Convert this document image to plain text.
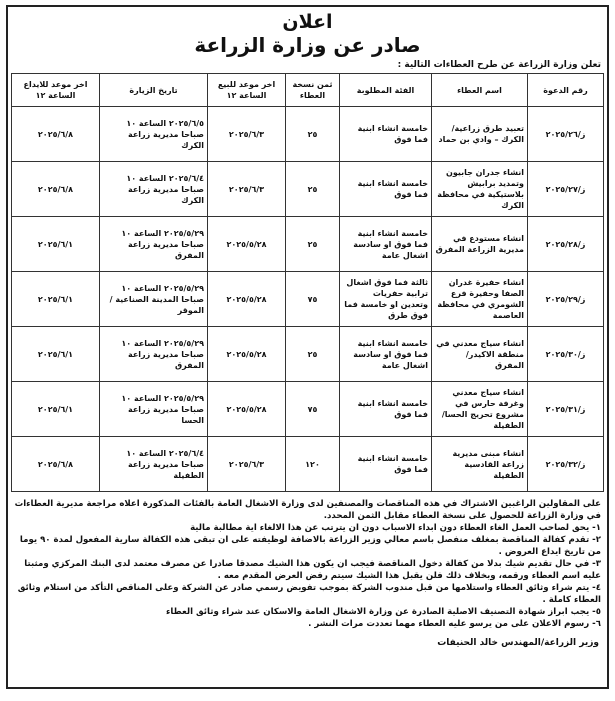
اعلان
صادر عن وزارة الزراعة
تعلن وزارة الزراعة عن طرح العطاءات التالية :
رقم الدعوة	اسم العطاء	الفئة المطلوبة	ثمن نسخة العطاء	اخر موعد للبيع الساعة ١٢	تاريخ الزيارة	اخر موعد للايداع الساعة ١٢
ز/٢٠٢٥/٢٦	تعبيد طرق زراعية/الكرك – وادي بن حماد	خامسة انشاء ابنية فما فوق	٢٥	٢٠٢٥/٦/٣	٢٠٢٥/٦/٥ الساعة ١٠ صباحا مديرية زراعة الكرك	٢٠٢٥/٦/٨
ز/٢٠٢٥/٢٧	انشاء جدران جابيون وتمديد برابيش بلاستيكية في محافظة الكرك	خامسة انشاء ابنية فما فوق	٢٥	٢٠٢٥/٦/٣	٢٠٢٥/٦/٤ الساعة ١٠ صباحا مديرية زراعة الكرك	٢٠٢٥/٦/٨
ز/٢٠٢٥/٢٨	انشاء مستودع في مديرية الزراعة المفرق	خامسة انشاء ابنية فما فوق او سادسة اشغال عامة	٢٥	٢٠٢٥/٥/٢٨	٢٠٢٥/٥/٢٩ الساعة ١٠ صباحا مديرية زراعة المفرق	٢٠٢٥/٦/١
ز/٢٠٢٥/٢٩	انشاء حفيرة غدران الصفا وحفيرة فرع الشومري في محافظة العاصمة	ثالثة فما فوق اشغال ترابية حفريات وتعدين او خامسة فما فوق طرق	٧٥	٢٠٢٥/٥/٢٨	٢٠٢٥/٥/٢٩ الساعة ١٠ صباحا المدينة الصناعية /الموقر	٢٠٢٥/٦/١
ز/٢٠٢٥/٣٠	انشاء سياج معدني في منطقة الاكيدر/ المفرق	خامسة انشاء ابنية فما فوق او سادسة اشغال عامة	٢٥	٢٠٢٥/٥/٢٨	٢٠٢٥/٥/٢٩ الساعة ١٠ صباحا مديرية زراعة المفرق	٢٠٢٥/٦/١
ز/٢٠٢٥/٣١	انشاء سياج معدني وغرفة حارس في مشروع تحريج الحسا/الطفيلة	خامسة انشاء ابنية فما فوق	٧٥	٢٠٢٥/٥/٢٨	٢٠٢٥/٥/٢٩ الساعة ١٠ صباحا مديرية زراعة الحسا	٢٠٢٥/٦/١
ز/٢٠٢٥/٣٢	انشاء مبنى مديرية زراعة القادسية الطفيلة	خامسة انشاء ابنية فما فوق	١٢٠	٢٠٢٥/٦/٣	٢٠٢٥/٦/٤ الساعة ١٠ صباحا مديرية زراعة الطفيلة	٢٠٢٥/٦/٨

على المقاولين الراغبين الاشتراك في هذه المناقصات والمصنفين لدى وزارة الاشغال العامة بالفئات المذكورة اعلاه مراجعة مديرية العطاءات في وزارة الزراعة للحصول على نسخة العطاء مقابل الثمن المحدد.

١- يحق لصاحب العمل الغاء العطاء دون ابداء الاسباب دون ان يترتب عن هذا الالغاء اية مطالبة مالية

٢- تقدم كفالة المناقصة بمغلف منفصل باسم معالي وزير الزراعة بالاضافة لوظيفته على ان تبقى هذه الكفالة سارية المفعول لمدة ٩٠ يوما من تاريخ ايداع العروض .

٣- في حال تقديم شيك بدلا من كفالة دخول المناقصة فيجب ان يكون هذا الشيك مصدقا صادرا عن مصرف معتمد لدى البنك المركزي ومثبتا عليه اسم العطاء ورقمه، وبخلاف ذلك فلن يقبل هذا الشيك سيتم رفض العرض المقدم معه .

٤- يتم شراء وثائق العطاء واستلامها من قبل مندوب الشركة بموجب تفويض رسمي صادر عن الشركة وعلى المناقص التأكد من استلام وثائق العطاء كاملة .

٥- يجب ابراز شهادة التصنيف الاصلية الصادرة عن وزارة الاشغال العامة والاسكان عند شراء وثائق العطاء

٦- رسوم الاعلان على من يرسو عليه العطاء مهما تعددت مرات النشر .

وزير الزراعة/المهندس خالد الحنيفات
